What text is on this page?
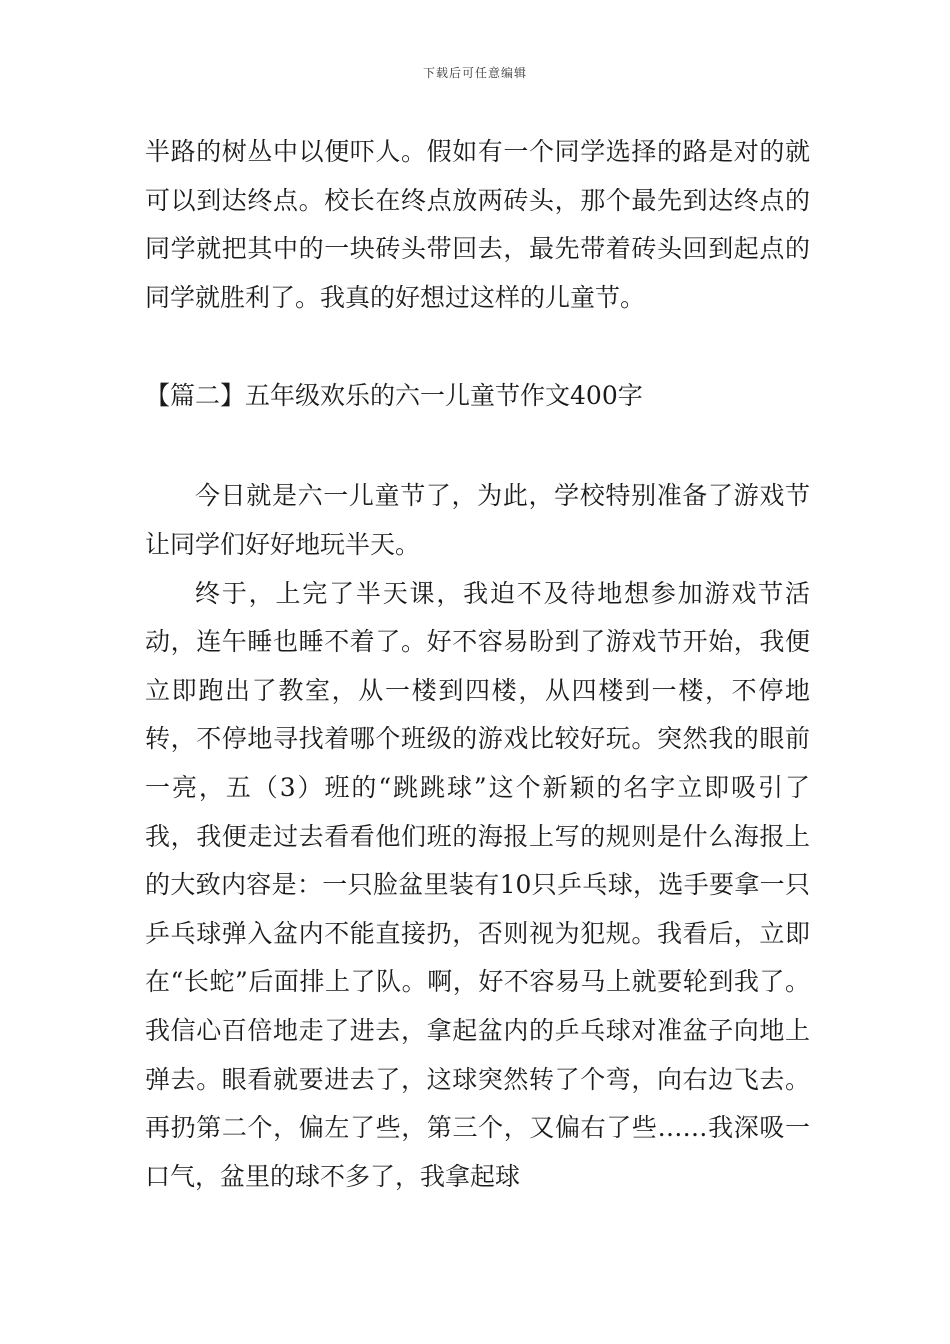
下载后可任意编辑

半路的树丛中以便吓人。假如有一个同学选择的路是对的就可以到达终点。校长在终点放两砖头，那个最先到达终点的同学就把其中的一块砖头带回去，最先带着砖头回到起点的同学就胜利了。我真的好想过这样的儿童节。

【篇二】五年级欢乐的六一儿童节作文400字

今日就是六一儿童节了，为此，学校特别准备了游戏节让同学们好好地玩半天。

终于，上完了半天课，我迫不及待地想参加游戏节活动，连午睡也睡不着了。好不容易盼到了游戏节开始，我便立即跑出了教室，从一楼到四楼，从四楼到一楼，不停地转，不停地寻找着哪个班级的游戏比较好玩。突然我的眼前一亮，五（3）班的“跳跳球”这个新颖的名字立即吸引了我，我便走过去看看他们班的海报上写的规则是什么海报上的大致内容是：一只脸盆里装有10只乒乓球，选手要拿一只乒乓球弹入盆内不能直接扔，否则视为犯规。我看后，立即在“长蛇”后面排上了队。啊，好不容易马上就要轮到我了。我信心百倍地走了进去，拿起盆内的乒乓球对准盆子向地上弹去。眼看就要进去了，这球突然转了个弯，向右边飞去。再扔第二个，偏左了些，第三个，又偏右了些……我深吸一口气，盆里的球不多了，我拿起球
